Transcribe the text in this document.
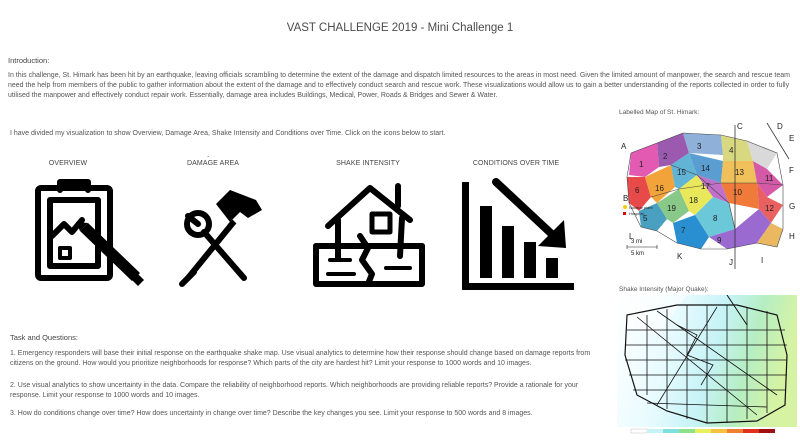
VAST CHALLENGE 2019 - Mini Challenge 1
Introduction:
In this challenge, St. Himark has been hit by an earthquake, leaving officials scrambling to determine the extent of the damage and dispatch limited resources to the areas in most need. Given the limited amount of manpower, the search and rescue team need the help from members of the public to gather information about the extent of the damage and to effectively conduct search and rescue work. These visualizations would allow us to gain a better understanding of the reports collected in order to fully utilised the manpower and effectively conduct repair work. Essentially, damage area includes Buildings, Medical, Power, Roads & Bridges and Sewer & Water.
I have divided my visualization to show Overview, Damage Area, Shake Intensity and Conditions over Time. Click on the icons below to start.
OVERVIEW
.
DAMAGE AREA	SHAKE INTENSITY	CONDITIONS OVER TIME
Task and Questions:
1. Emergency responders will base their initial response on the earthquake shake map. Use visual analytics to determine how their response should change based on damage reports from citizens on the ground. How would you prioritize neighborhoods for response? Which parts of the city are hardest hit? Limit your response to 1000 words and 10 images.
2. Use visual analytics to show uncertainty in the data. Compare the reliability of neighborhood reports. Which neighborhoods are providing reliable reports? Provide a rationale for your response. Limit your response to 1000 words and 10 images.
3. How do conditions change over time? How does uncertainty in change over time? Describe the key changes you see. Limit your response to 500 words and 8 images.
Labelled Map of St. Himark:
1
2
3	4
5
6
7
8
9
10
11
12
13
14
15
16	17
18
19
A
B
C	D
E
F
G
H
I
J
K
L
Nuclear plant
Hospital
3 mi
5 km
Shake Intensity (Major Quake):
